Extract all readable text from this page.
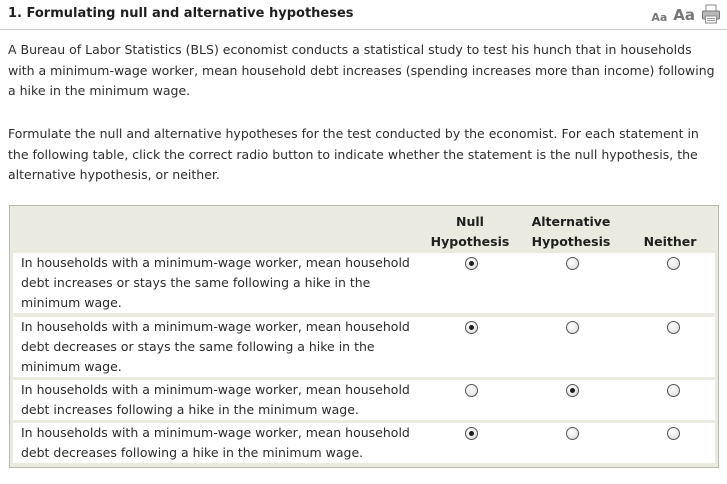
1. Formulating null and alternative hypotheses	Aa Aa
A Bureau of Labor Statistics (BLS) economist conducts a statistical study to test his hunch that in households with a minimum-wage worker, mean household debt increases (spending increases more than income) following a hike in the minimum wage.
Formulate the null and alternative hypotheses for the test conducted by the economist. For each statement in the following table, click the correct radio button to indicate whether the statement is the null hypothesis, the alternative hypothesis, or neither.
Null
Hypothesis
Alternative
Hypothesis	Neither
In households with a minimum-wage worker, mean household debt increases or stays the same following a hike in the minimum wage.
In households with a minimum-wage worker, mean household debt decreases or stays the same following a hike in the minimum wage.
In households with a minimum-wage worker, mean household debt increases following a hike in the minimum wage.
In households with a minimum-wage worker, mean household debt decreases following a hike in the minimum wage.
